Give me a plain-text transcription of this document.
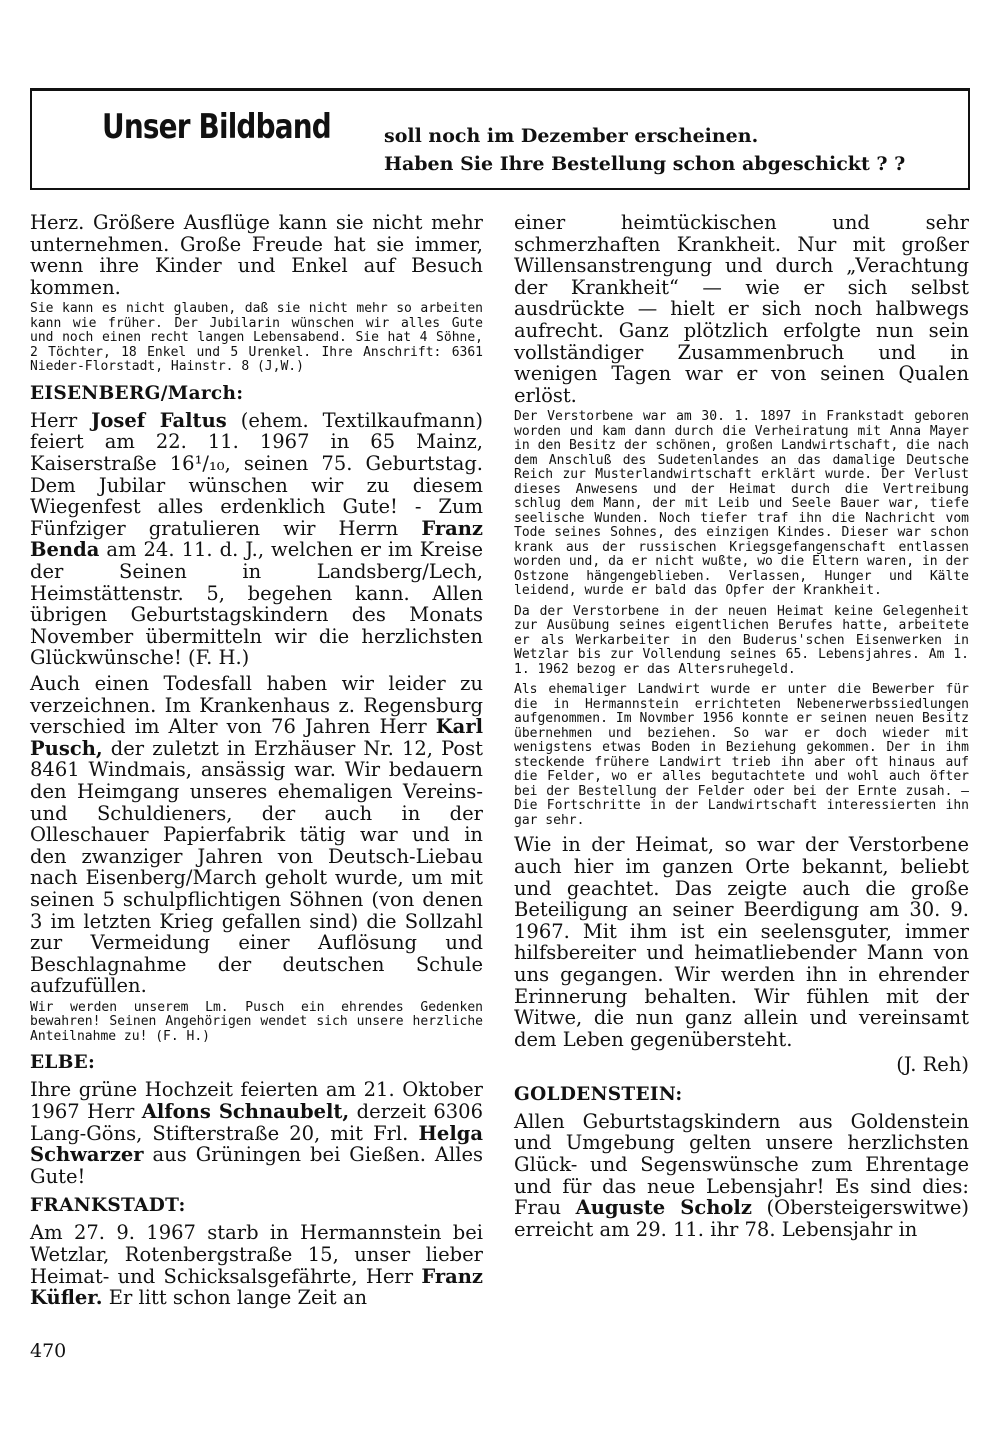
Unser Bildband	soll noch im Dezember erscheinen.
Haben Sie Ihre Bestellung schon abgeschickt ? ?

Herz. Größere Ausflüge kann sie nicht mehr unternehmen. Große Freude hat sie immer, wenn ihre Kinder und Enkel auf Besuch kommen.

Sie kann es nicht glauben, daß sie nicht mehr so arbeiten kann wie früher. Der Jubilarin wünschen wir alles Gute und noch einen recht langen Lebensabend. Sie hat 4 Söhne, 2 Töchter, 18 Enkel und 5 Urenkel. Ihre Anschrift: 6361 Nieder-Florstadt, Hainstr. 8 (J,W.)

EISENBERG/March:

Herr Josef Faltus (ehem. Textilkaufmann) feiert am 22. 11. 1967 in 65 Mainz, Kaiserstraße 16¹/₁₀, seinen 75. Geburtstag. Dem Jubilar wünschen wir zu diesem Wiegenfest alles erdenklich Gute! - Zum Fünfziger gratulieren wir Herrn Franz Benda am 24. 11. d. J., welchen er im Kreise der Seinen in Landsberg/Lech, Heimstättenstr. 5, begehen kann. Allen übrigen Geburtstagskindern des Monats November übermitteln wir die herzlichsten Glückwünsche! (F. H.)

Auch einen Todesfall haben wir leider zu verzeichnen. Im Krankenhaus z. Regensburg verschied im Alter von 76 Jahren Herr Karl Pusch, der zuletzt in Erzhäuser Nr. 12, Post 8461 Windmais, ansässig war. Wir bedauern den Heimgang unseres ehemaligen Vereins- und Schuldieners, der auch in der Olleschauer Papierfabrik tätig war und in den zwanziger Jahren von Deutsch-Liebau nach Eisenberg/March geholt wurde, um mit seinen 5 schulpflichtigen Söhnen (von denen 3 im letzten Krieg gefallen sind) die Sollzahl zur Vermeidung einer Auflösung und Beschlagnahme der deutschen Schule aufzufüllen.

Wir werden unserem Lm. Pusch ein ehrendes Gedenken bewahren! Seinen Angehörigen wendet sich unsere herzliche Anteilnahme zu! (F. H.)

ELBE:

Ihre grüne Hochzeit feierten am 21. Oktober 1967 Herr Alfons Schnaubelt, derzeit 6306 Lang-Göns, Stifterstraße 20, mit Frl. Helga Schwarzer aus Grüningen bei Gießen. Alles Gute!

FRANKSTADT:

Am 27. 9. 1967 starb in Hermannstein bei Wetzlar, Rotenbergstraße 15, unser lieber Heimat- und Schicksalsgefährte, Herr Franz Küfler. Er litt schon lange Zeit an

einer heimtückischen und sehr schmerzhaften Krankheit. Nur mit großer Willensanstrengung und durch „Verachtung der Krankheit“ — wie er sich selbst ausdrückte — hielt er sich noch halbwegs aufrecht. Ganz plötzlich erfolgte nun sein vollständiger Zusammenbruch und in wenigen Tagen war er von seinen Qualen erlöst.

Der Verstorbene war am 30. 1. 1897 in Frankstadt geboren worden und kam dann durch die Verheiratung mit Anna Mayer in den Besitz der schönen, großen Landwirtschaft, die nach dem Anschluß des Sudetenlandes an das damalige Deutsche Reich zur Musterlandwirtschaft erklärt wurde. Der Verlust dieses Anwesens und der Heimat durch die Vertreibung schlug dem Mann, der mit Leib und Seele Bauer war, tiefe seelische Wunden. Noch tiefer traf ihn die Nachricht vom Tode seines Sohnes, des einzigen Kindes. Dieser war schon krank aus der russischen Kriegsgefangenschaft entlassen worden und, da er nicht wußte, wo die Eltern waren, in der Ostzone hängengeblieben. Verlassen, Hunger und Kälte leidend, wurde er bald das Opfer der Krankheit.

Da der Verstorbene in der neuen Heimat keine Gelegenheit zur Ausübung seines eigentlichen Berufes hatte, arbeitete er als Werkarbeiter in den Buderus'schen Eisenwerken in Wetzlar bis zur Vollendung seines 65. Lebensjahres. Am 1. 1. 1962 bezog er das Altersruhegeld.

Als ehemaliger Landwirt wurde er unter die Bewerber für die in Hermannstein errichteten Nebenerwerbssiedlungen aufgenommen. Im Novmber 1956 konnte er seinen neuen Besitz übernehmen und beziehen. So war er doch wieder mit wenigstens etwas Boden in Beziehung gekommen. Der in ihm steckende frühere Landwirt trieb ihn aber oft hinaus auf die Felder, wo er alles begutachtete und wohl auch öfter bei der Bestellung der Felder oder bei der Ernte zusah. — Die Fortschritte in der Landwirtschaft interessierten ihn gar sehr.

Wie in der Heimat, so war der Verstorbene auch hier im ganzen Orte bekannt, beliebt und geachtet. Das zeigte auch die große Beteiligung an seiner Beerdigung am 30. 9. 1967. Mit ihm ist ein seelensguter, immer hilfsbereiter und heimatliebender Mann von uns gegangen. Wir werden ihn in ehrender Erinnerung behalten. Wir fühlen mit der Witwe, die nun ganz allein und vereinsamt dem Leben gegenübersteht.

(J. Reh)
GOLDENSTEIN:

Allen Geburtstagskindern aus Goldenstein und Umgebung gelten unsere herzlichsten Glück- und Segenswünsche zum Ehrentage und für das neue Lebensjahr! Es sind dies: Frau Auguste Scholz (Obersteigerswitwe) erreicht am 29. 11. ihr 78. Lebensjahr in

470
